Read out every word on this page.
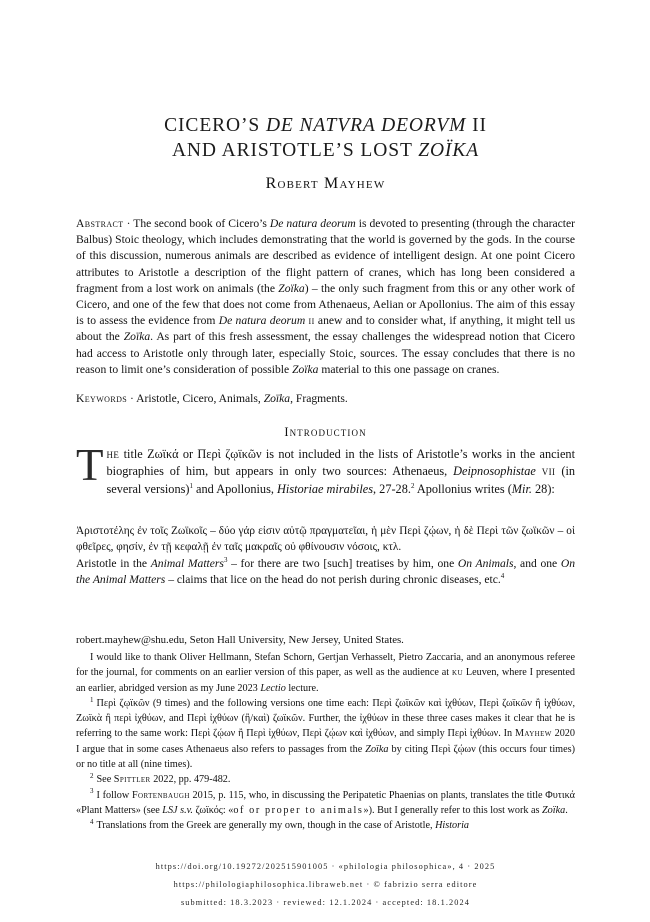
CICERO’S DE NATVRA DEORVM II
AND ARISTOTLE’S LOST ZOÏKA
Robert Mayhew
Abstract · The second book of Cicero’s De natura deorum is devoted to presenting (through the character Balbus) Stoic theology, which includes demonstrating that the world is governed by the gods. In the course of this discussion, numerous animals are described as evidence of intelligent design. At one point Cicero attributes to Aristotle a description of the flight pattern of cranes, which has long been considered a fragment from a lost work on animals (the Zoïka) – the only such fragment from this or any other work of Cicero, and one of the few that does not come from Athenaeus, Aelian or Apollonius. The aim of this essay is to assess the evidence from De natura deorum ii anew and to consider what, if anything, it might tell us about the Zoïka. As part of this fresh assessment, the essay challenges the widespread notion that Cicero had access to Aristotle only through later, especially Stoic, sources. The essay concludes that there is no reason to limit one’s consideration of possible Zoïka material to this one passage on cranes.
Keywords · Aristotle, Cicero, Animals, Zoïka, Fragments.
Introduction
The title Ζωϊκά or Περὶ ζῳϊκῶν is not included in the lists of Aristotle’s works in the ancient biographies of him, but appears in only two sources: Athenaeus, Deipnosophistae vii (in several versions)$^1$ and Apollonius, Historiae mirabiles, 27-28.$^2$ Apollonius writes (Mir. 28):
Ἀριστοτέλης ἐν τοῖς Ζωϊκοῖς – δύο γάρ εἰσιν αὐτῷ πραγματεῖαι, ἡ μὲν Περὶ ζῴων, ἡ δὲ Περὶ τῶν ζωϊκῶν – οἱ φθεῖρες, φησίν, ἐν τῇ κεφαλῇ ἐν ταῖς μακραῖς οὐ φθίνουσιν νόσοις, κτλ.
Aristotle in the Animal Matters$^3$ – for there are two [such] treatises by him, one On Animals, and one On the Animal Matters – claims that lice on the head do not perish during chronic diseases, etc.$^4$
robert.mayhew@shu.edu, Seton Hall University, New Jersey, United States.

I would like to thank Oliver Hellmann, Stefan Schorn, Gertjan Verhasselt, Pietro Zaccaria, and an anonymous referee for the journal, for comments on an earlier version of this paper, as well as the audience at ku Leuven, where I presented an earlier, abridged version as my June 2023 Lectio lecture.

$^1$ Περὶ ζῳϊκῶν (9 times) and the following versions one time each: Περὶ ζωϊκῶν καὶ ἰχθύων, Περὶ ζωϊκῶν ἢ ἰχθύων, Ζωϊκὰ ἢ περὶ ἰχθύων, and Περὶ ἰχθύων (ἢ/καὶ) ζωϊκῶν. Further, the ἰχθύων in these three cases makes it clear that he is referring to the same work: Περὶ ζῴων ἢ Περὶ ἰχθύων, Περὶ ζῴων καὶ ἰχθύων, and simply Περὶ ἰχθύων. In Mayhew 2020 I argue that in some cases Athenaeus also refers to passages from the Zoïka by citing Περὶ ζῴων (this occurs four times) or no title at all (nine times).

$^2$ See Spittler 2022, pp. 479-482.

$^3$ I follow Fortenbaugh 2015, p. 115, who, in discussing the Peripatetic Phaenias on plants, translates the title Φυτικά «Plant Matters» (see LSJ s.v. ζωϊκός: «of or proper to animals»). But I generally refer to this lost work as Zoïka.

$^4$ Translations from the Greek are generally my own, though in the case of Aristotle, Historia

https://doi.org/10.19272/202515901005 · «philologia philosophica», 4 · 2025
https://philologiaphilosophica.libraweb.net · © fabrizio serra editore
submitted: 18.3.2023 · reviewed: 12.1.2024 · accepted: 18.1.2024
